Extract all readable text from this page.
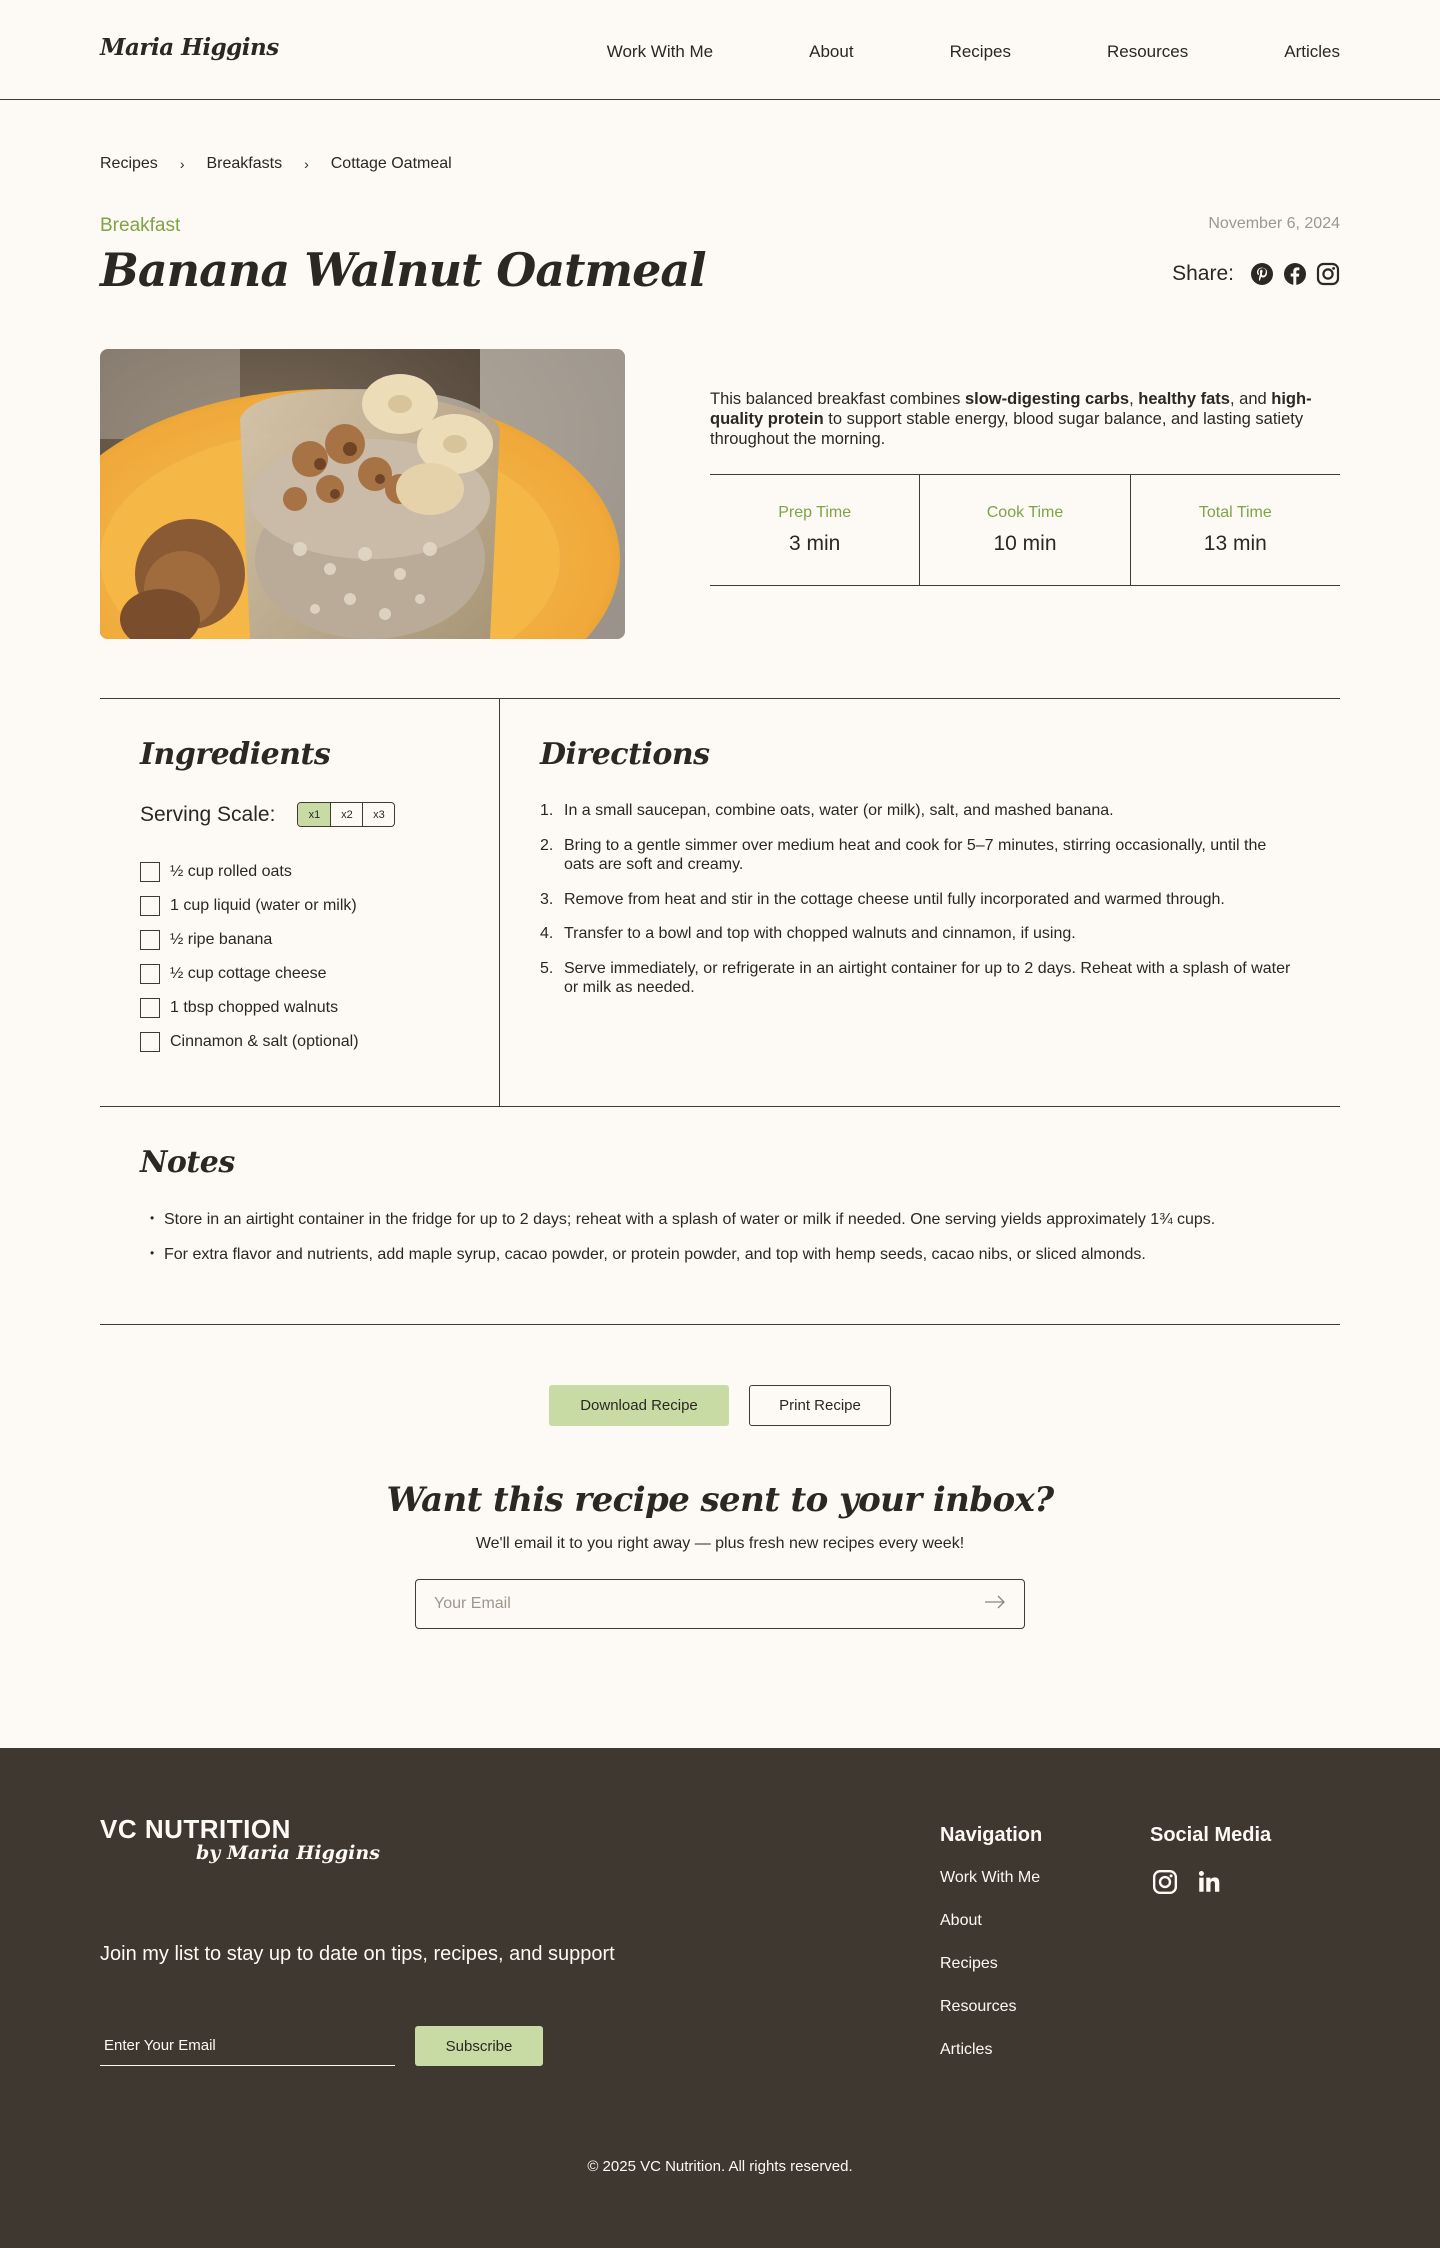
Maria Higgins	Work With Me	About	Recipes	Resources	Articles
Recipes › Breakfasts › Cottage Oatmeal
Breakfast	November 6, 2024
Banana Walnut Oatmeal	Share:

This balanced breakfast combines slow-digesting carbs, healthy fats, and high-quality protein to support stable energy, blood sugar balance, and lasting satiety throughout the morning.

Prep Time
3 min
Cook Time
10 min
Total Time
13 min
Ingredients
Serving Scale:	x1	x2	x3
½ cup rolled oats
1 cup liquid (water or milk)
½ ripe banana
½ cup cottage cheese
1 tbsp chopped walnuts
Cinnamon & salt (optional)
Directions
In a small saucepan, combine oats, water (or milk), salt, and mashed banana.
Bring to a gentle simmer over medium heat and cook for 5–7 minutes, stirring occasionally, until the oats are soft and creamy.
Remove from heat and stir in the cottage cheese until fully incorporated and warmed through.
Transfer to a bowl and top with chopped walnuts and cinnamon, if using.
Serve immediately, or refrigerate in an airtight container for up to 2 days. Reheat with a splash of water or milk as needed.
Notes
• Store in an airtight container in the fridge for up to 2 days; reheat with a splash of water or milk if needed. One serving yields approximately 1¾ cups.
• For extra flavor and nutrients, add maple syrup, cacao powder, or protein powder, and top with hemp seeds, cacao nibs, or sliced almonds.
Download Recipe	Print Recipe
Want this recipe sent to your inbox?

We'll email it to you right away — plus fresh new recipes every week!

Your Email
VC NUTRITION
by Maria Higgins

Join my list to stay up to date on tips, recipes, and support

Enter Your Email
Subscribe
Navigation
Work With Me
About
Recipes
Resources
Articles
Social Media

© 2025 VC Nutrition. All rights reserved.
